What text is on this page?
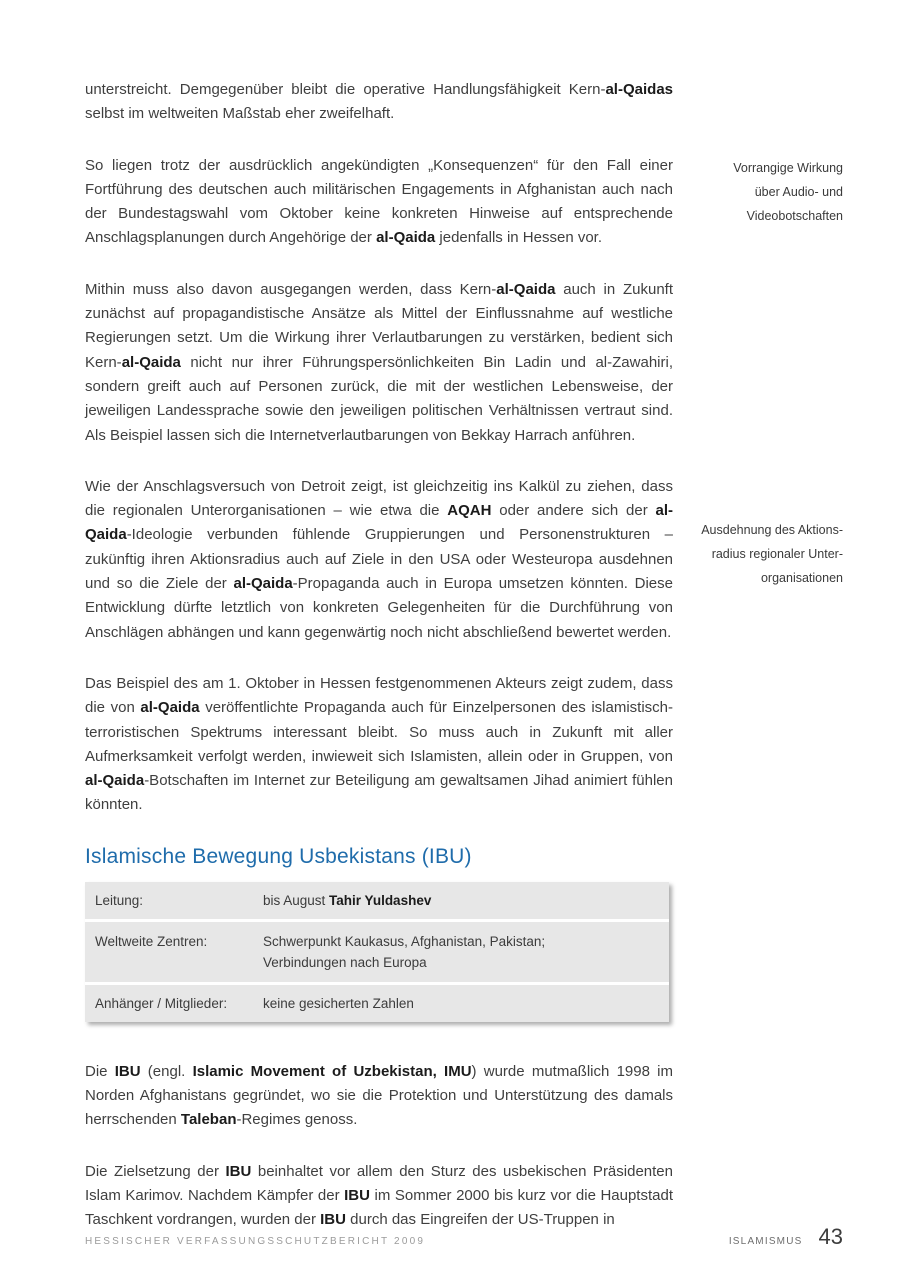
unterstreicht. Demgegenüber bleibt die operative Handlungsfähigkeit Kern-al-Qaidas selbst im weltweiten Maßstab eher zweifelhaft.

So liegen trotz der ausdrücklich angekündigten „Konsequenzen“ für den Fall einer Fortführung des deutschen auch militärischen Engagements in Afghanistan auch nach der Bundestagswahl vom Oktober keine konkreten Hinweise auf entsprechende Anschlagsplanungen durch Angehörige der al-Qaida jedenfalls in Hessen vor.

Mithin muss also davon ausgegangen werden, dass Kern-al-Qaida auch in Zukunft zunächst auf propagandistische Ansätze als Mittel der Einflussnahme auf westliche Regierungen setzt. Um die Wirkung ihrer Verlautbarungen zu verstärken, bedient sich Kern-al-Qaida nicht nur ihrer Führungspersönlichkeiten Bin Ladin und al-Zawahiri, sondern greift auch auf Personen zurück, die mit der westlichen Lebensweise, der jeweiligen Landessprache sowie den jeweiligen politischen Verhältnissen vertraut sind. Als Beispiel lassen sich die Internetverlautbarungen von Bekkay Harrach anführen.

Wie der Anschlagsversuch von Detroit zeigt, ist gleichzeitig ins Kalkül zu ziehen, dass die regionalen Unterorganisationen – wie etwa die AQAH oder andere sich der al-Qaida-Ideologie verbunden fühlende Gruppierungen und Personenstrukturen – zukünftig ihren Aktionsradius auch auf Ziele in den USA oder Westeuropa ausdehnen und so die Ziele der al-Qaida-Propaganda auch in Europa umsetzen könnten. Diese Entwicklung dürfte letztlich von konkreten Gelegenheiten für die Durchführung von Anschlägen abhängen und kann gegenwärtig noch nicht abschließend bewertet werden.

Das Beispiel des am 1. Oktober in Hessen festgenommenen Akteurs zeigt zudem, dass die von al-Qaida veröffentlichte Propaganda auch für Einzelpersonen des islamistisch-terroristischen Spektrums interessant bleibt. So muss auch in Zukunft mit aller Aufmerksamkeit verfolgt werden, inwieweit sich Islamisten, allein oder in Gruppen, von al-Qaida-Botschaften im Internet zur Beteiligung am gewaltsamen Jihad animiert fühlen könnten.

Islamische Bewegung Usbekistans (IBU)
Leitung:	bis August Tahir Yuldashev
Weltweite Zentren:	Schwerpunkt Kaukasus, Afghanistan, Pakistan;
Verbindungen nach Europa
Anhänger / Mitglieder:	keine gesicherten Zahlen

Die IBU (engl. Islamic Movement of Uzbekistan, IMU) wurde mutmaßlich 1998 im Norden Afghanistans gegründet, wo sie die Protektion und Unterstützung des damals herrschenden Taleban-Regimes genoss.

Die Zielsetzung der IBU beinhaltet vor allem den Sturz des usbekischen Präsidenten Islam Karimov. Nachdem Kämpfer der IBU im Sommer 2000 bis kurz vor die Hauptstadt Taschkent vordrangen, wurden der IBU durch das Eingreifen der US-Truppen in

Vorrangige Wirkung
über Audio- und
Videobotschaften
Ausdehnung des Aktions-
radius regionaler Unter-
organisationen
HESSISCHER VERFASSUNGSSCHUTZBERICHT 2009	ISLAMISMUS 43
